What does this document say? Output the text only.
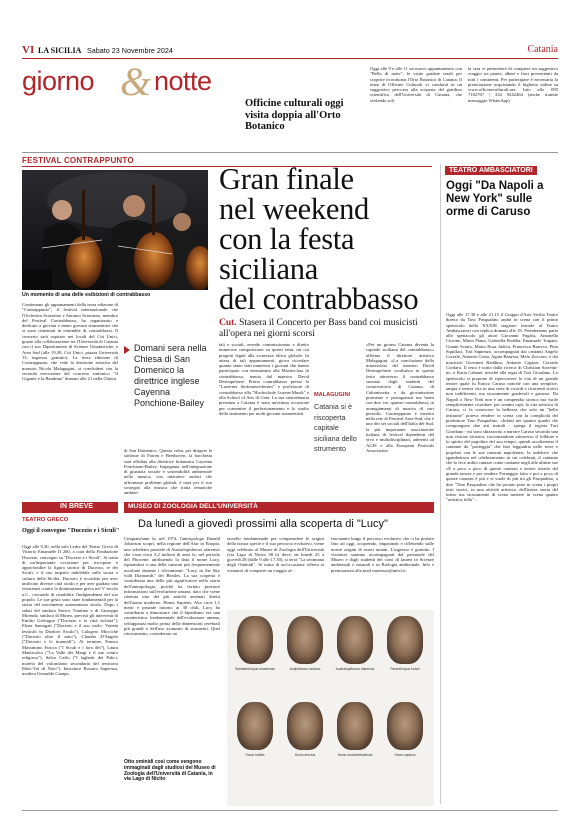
VI LA SICILIA Sabato 23 Novembre 2024	Catania
giorno & notte
Officine culturali oggi visita doppia all'Orto Botanico
Oggi alle 9 e alle 11 un nuovo appuntamento con "Bella di notte", le visite guidate serali per scoprire in notturna l'Orto Botanico di Catania. Il team di Officine Culturali vi condurrà in un suggestivo percorso alla scoperta del giardino scientifico dell'Università di Catania, che svelando soli
la sera vi permetterà di compiere un suggestivo viaggio tra piante, alberi e fiori provenienti da tutti i continenti. Per partecipare è necessaria la prenotazione acquistando il biglietto online su www.officineculturali.net. Info allo 095 7102767 | 334 9242464 (anche tramite messaggio WhatsApp).
FESTIVAL CONTRAPPUNTO
Un momento di una delle esibizioni di contrabbasso
Gran finale
nel weekend
con la festa
siciliana
del contrabbasso
Cut. Stasera il Concerto per Bass band coi musicisti all'opera nei giorni scorsi
Continuano gli appuntamenti della terza edizione di "Contrappunto", il festival internazionale che l'Orchestra Scontrino e Antonio Scontrino, membro del Festival Contrabbasso, ha organizzato e dedicato a giovani e meno giovani strumentisti che si sono cimentati in ensemble di contrabbassi. Il concerto sarà ospitato nei locali del Cut Unict, grazie alla collaborazione tra l'Università di Catania con il suo Dipartimento di Scienze Umanistiche, e Area Sud (alle 19,30, Cut Unict, piazza Università 13, ingresso gratuito). La terza edizione di Contrappunto, che vede la direzione artistica del maestro Nicola Malagugini, si concluderà con la seconda esecuzione del concerto sinfonico "Il Gigante e la Bambina" domani alle 21 nella Chiesa
Domani sera nella Chiesa di San Domenico la direttrice inglese Cayenna Ponchione-Bailey
di San Domenico. Questa volta, per dirigere le sinfonie di Farren e Beethoven, la bacchetta sarà affidata alla direttrice britannica Cayenna Ponchione-Bailey. Impegnata nell'integrazione di giustizia sociale e sostenibilità ambientale nella musica, con iniziative audaci che affrontano problemi globali, è nota per il suo sostegno alla musica che tratta tematiche ambien-
tali e sociali, avendo commissionato e diretto numerose composizioni su questi temi, tra cui progetti legati alla sicurezza idrica globale. In attesa di tali appuntamenti, giova ricordare quanto siano stati numerosi i giovani che hanno partecipato con entusiasmo alla Masterclass di contrabbasso, tenuta dal maestro David Desimpelaere. Primo contrabbasso presso la "Luzerner Sinfonieorchester" e professore di contrabbasso alla "Hochschule Luzern-Musik" e alla School of Arts di Gent. La sua straordinaria presenza a Catania è stata un'ottima occasione per consentire il perfezionamento e lo studio dello strumento per molti giovani strumentisti.
MALAGUGINI
Catania si è riscoperta capitale siciliana dello strumento
«Per un giorno Catania diventa la capitale siciliana del contrabbasso» afferma il direttore artistico Malagugini. «La conclusione della masterclass del maestro David Desimpelaere confluisce in questa festa attraverso il contrabbasso suonato dagli studenti del conservatorio di Catania, di Caltanissetta e da giovanissime promesse e protagonisti ma brani con due, tre, quattro contrabbassi, in arrangiamenti di musica di vari periodi». Contrappunto è inserito nella rete di Festival Area-Sud, che è uno dei sei sociali dell'Italia del Sud, la più importante associazione italiana di festival dipendenti dal vivo e multidisciplinari, aderenti ad AGIS e alla European Festivals Association.
TEATRO AMBASCIATORI
Oggi "Da Napoli a New York" sulle orme di Caruso
Oggi alle 17.30 e alle 21.15 il Gruppo d'Arte Sicilia Teatro diretto da Tino Pasqualino andrà in scena con il primo spettacolo della XXXIII stagione teatrale al Teatro Ambasciatori con replica domani alle 18. Prenderanno parte allo spettacolo gli attori Giovanni Fuglisi, Antonella Cirrone, Maria Piana, Gabriella Roddia, Emanuele Trapani, Gianni Sciuto, Maria Rosa Judica, Francesca Barreca, Pino Squillaci, Toti Sapienza, accompagnati dai cantanti Angelo Corrale, Antonio Costa, Agata Banesta, Melo Zuccaro, e dai musicisti Giovanni Raddino, Antonio Capizzi, Corrado Cordaro. Il testo è tratto dalla ricerca di Christian Sorrenti-no, e Katia Cabanè, nonché alla regia di Turi Giordano. Lo spettacolo si propone di ripercorrere la vita di un grande tenore quale fu Enrico Caruso nonché con una semplice, ampia e tenera vita in una serie di ricordi e ricorrenti storici non indifferenti, ma sicuramente gradevoli e gustose. Da Napoli a New York non è un compendio storico ma vuole semplicemente ricordare, per sommi capi, la vita artistica di Caruso, ci fa conoscere la bellezza che solo un "bello teatrante" poteva rendere in scena con la complicità del produttore Tino Pasqualino. «Infatti nei quattro quadri che compongono due atti teatrali - spiega il regista Turi Giordano - mi sono sbizzarrito a narrare Caruso secondo una mia visione artistica, raccontandone attraverso il folklore e lo spirito del popolino del suo tempo; quindi ascolteremo il cantante da "posteggia" che fare leggiadria nelle serre e popolari con le sue canzoni napoletane, la sodderce che sgambettava nel celebrarmento in cui celebrati, il cantante che lo fece ardito cantare come cantante negli alle ultime sue «E a poco a poco di queste canzoni e tenero ritratto del grande tenore e per rendere Fornaggio fatto e poi a poco di queste canzoni è più e si vuole di più tra gli Pasqualino, a dire "Tino Pasqualino che ha portato pure in scena i propri testi storici, in una attività artistica, dell'intera storia del teatro ma sicuramente di scena mettere in scena quanto "artistica folla"...
IN BREVE
TEATRO GRECO
Oggi il convegno "Ducezio e i Siculi"
Oggi alle 9,30, nella sala Ledra del Teatro Greco di Vittorio Emanuele II 260, a cura della Fondazione Ducezio, convegno su "Ducezio e i Siculi". Si tratta di un'importante occasione per riscoprire e approfondire la figura storica di Ducezio, re dei Siculi, e il suo impatto indelebile sulla storia e cultura della Sicilia. Ducezio è ricordato per aver unificato diverse città siculo e per aver guidato una resistenza contro la dominazione greca nel V secolo a.C., cercando di ristabilire l'indipendenza del suo popolo. Le sue gesta sono state fondamentali per la storia del movimento autonomista siculo. Dopo i saluti del sindaco Enrico Trantino e di Giuseppe Mirenda, sindaco di Mineo, previsti gli interventi di Emilio Galvagno ("Ducezio e la città sicliota"), Elena Santagati ("Ducezio e il suo ruolo: Varietà lessicali in Diodoro Siculo"), Calogero Miccichè ("Ducezio oltre il mito"), Claudio D'Angelo ("Ducezio e le tirannidi"). Al termine, Franco Massimino Fracca ("I Siculi e i loro dèi"), Laura Maniscalco ("La Valle dei Margi e il suo centro religioso"), Salvo Caffo ("I laghetti dei Palici, mofeta del vulcanismo secondario del territorio Ibleo-Val di Noto"). Introduce Rosario Sapienza, modera Gesualdo Campo.
MUSEO DI ZOOLOGIA DELL'UNIVERSITÀ
Da lunedì a giovedì prossimi alla scoperta di "Lucy"
Cinquant'anni fa, nel 1974, l'antropologo Donald Johanson scoprì, nella regione dell'Afar in Etiopia, uno scheletro parziale di Australopithecus afarensis che visse circa 3,2 milioni di anni fa, nel periodo del Pliocene, attribuendo la data il nome Lucy, ispirandosi a una delle canzoni più frequentemente ascoltate durante i rilevamenti: "Lucy in the Sky with Diamonds" dei Beatles. La sua scoperta è considerata una delle più significative nella storia dell'antropologia, poiché ha fornito preziose informazioni sull'evoluzione umana, dato che viene ritenuta uno dei più antichi antenati diretti dell'uomo moderno, Homo Sapiens. Alta circa 1,1 metri e pesante intorno ai 30 chili, Lucy ha contribuito a dimostrare che il bipedismo era una caratteristica fondamentale dell'evoluzione umana, sviluppatasi molto prima delle dimensioni cerebrali più grandi o dell'uso avanzato di strumenti. Quel ritrovamento, considerato un
tassello fondamentale per comprendere le origini della nostra specie e il suo percorso evolutivo, viene oggi celebrato al Museo di Zoologia dell'Università (via Lago di Nicito 38 b) dove, da lunedì 25 a giovedì 28 (dalle 9 alle 17.30), si terrà "La settimana degli Ominidi". Si tratta di un'occasione offerta ai visitatori di compiere un viaggio af-
fascinante lungo il percorso evolutivo che ci ha portato fino ad oggi, scoprendo, imparando e riflettendo sulle nostre origini di esseri umani. L'ingresso è gratuito. I visitatori saranno accompagnati dal personale del Museo e dagli studenti dei corsi di laurea in Scienze ambientali e naturali e in Biologia ambientale. Info e prenotazioni alla mail museozo@unict.it.
Otto ominidi così come vengono immaginati dagli studiosi del Museo di Zoologia dell'Università di Catania, in via Lago di Nicito
Sahelanthropus tchadensis	Ardipithecus ramidus	Australopithecus afarensis	Paranthropus boisei
Homo habilis	Homo erectus	Homo neanderthalensis	Homo sapiens
